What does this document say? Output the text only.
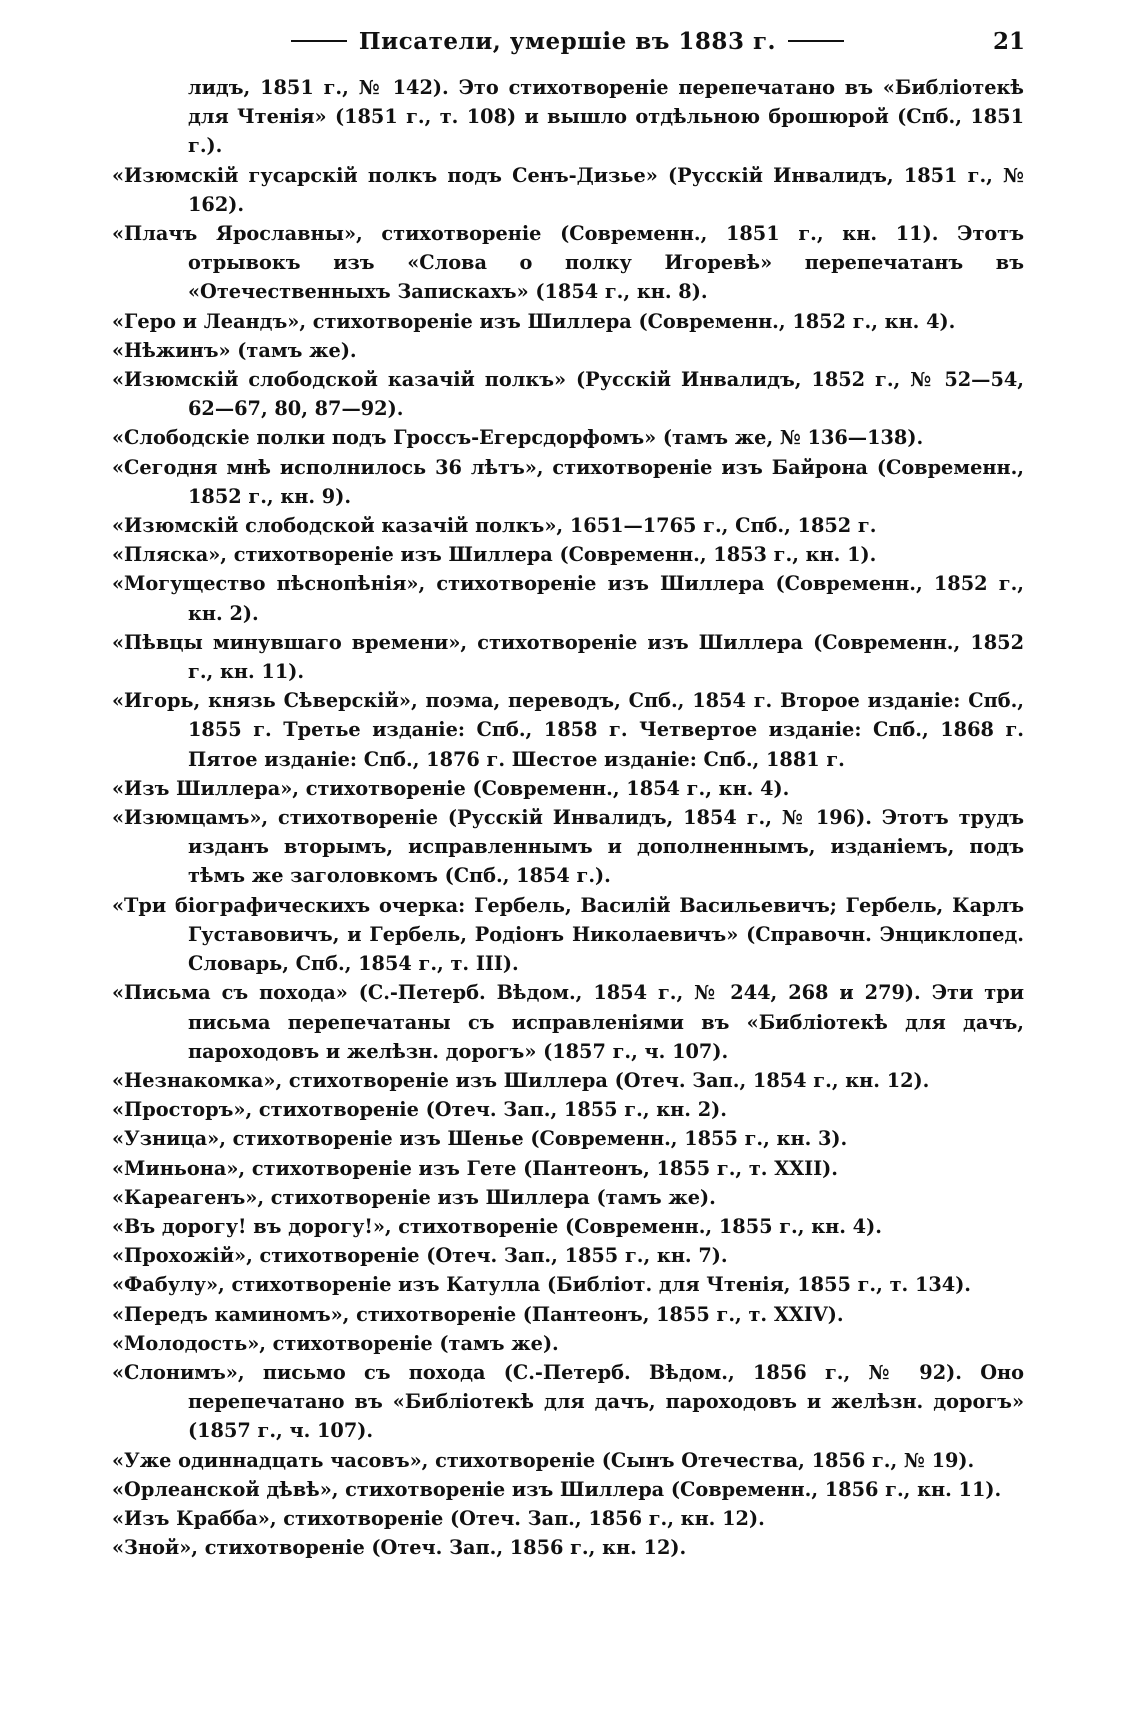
Писатели, умершіе въ 1883 г.	21

лидъ, 1851 г., № 142). Это стихотвореніе перепечатано въ «Библіотекѣ для Чтенія» (1851 г., т. 108) и вышло отдѣльною брошюрой (Спб., 1851 г.).

«Изюмскій гусарскій полкъ подъ Сенъ-Дизье» (Русскій Инвалидъ, 1851 г., № 162).

«Плачъ Ярославны», стихотвореніе (Современн., 1851 г., кн. 11). Этотъ отрывокъ изъ «Слова о полку Игоревѣ» перепечатанъ въ «Отечественныхъ Запискахъ» (1854 г., кн. 8).

«Геро и Леандъ», стихотвореніе изъ Шиллера (Современн., 1852 г., кн. 4).

«Нѣжинъ» (тамъ же).

«Изюмскій слободской казачій полкъ» (Русскій Инвалидъ, 1852 г., № 52—54, 62—67, 80, 87—92).

«Слободскіе полки подъ Гроссъ-Егерсдорфомъ» (тамъ же, № 136—138).

«Сегодня мнѣ исполнилось 36 лѣтъ», стихотвореніе изъ Байрона (Современн., 1852 г., кн. 9).

«Изюмскій слободской казачій полкъ», 1651—1765 г., Спб., 1852 г.

«Пляска», стихотвореніе изъ Шиллера (Современн., 1853 г., кн. 1).

«Могущество пѣснопѣнія», стихотвореніе изъ Шиллера (Современн., 1852 г., кн. 2).

«Пѣвцы минувшаго времени», стихотвореніе изъ Шиллера (Современн., 1852 г., кн. 11).

«Игорь, князь Сѣверскій», поэма, переводъ, Спб., 1854 г. Второе изданіе: Спб., 1855 г. Третье изданіе: Спб., 1858 г. Четвертое изданіе: Спб., 1868 г. Пятое изданіе: Спб., 1876 г. Шестое изданіе: Спб., 1881 г.

«Изъ Шиллера», стихотвореніе (Современн., 1854 г., кн. 4).

«Изюмцамъ», стихотвореніе (Русскій Инвалидъ, 1854 г., № 196). Этотъ трудъ изданъ вторымъ, исправленнымъ и дополненнымъ, изданіемъ, подъ тѣмъ же заголовкомъ (Спб., 1854 г.).

«Три біографическихъ очерка: Гербель, Василій Васильевичъ; Гербель, Карлъ Густавовичъ, и Гербель, Родіонъ Николаевичъ» (Справочн. Энциклопед. Словарь, Спб., 1854 г., т. III).

«Письма съ похода» (С.-Петерб. Вѣдом., 1854 г., № 244, 268 и 279). Эти три письма перепечатаны съ исправленіями въ «Библіотекѣ для дачъ, пароходовъ и желѣзн. дорогъ» (1857 г., ч. 107).

«Незнакомка», стихотвореніе изъ Шиллера (Отеч. Зап., 1854 г., кн. 12).

«Просторъ», стихотвореніе (Отеч. Зап., 1855 г., кн. 2).

«Узница», стихотвореніе изъ Шенье (Современн., 1855 г., кн. 3).

«Миньона», стихотвореніе изъ Гете (Пантеонъ, 1855 г., т. XXII).

«Кареагенъ», стихотвореніе изъ Шиллера (тамъ же).

«Въ дорогу! въ дорогу!», стихотвореніе (Современн., 1855 г., кн. 4).

«Прохожій», стихотвореніе (Отеч. Зап., 1855 г., кн. 7).

«Фабулу», стихотвореніе изъ Катулла (Библіот. для Чтенія, 1855 г., т. 134).

«Передъ каминомъ», стихотвореніе (Пантеонъ, 1855 г., т. XXIV).

«Молодость», стихотвореніе (тамъ же).

«Слонимъ», письмо съ похода (С.-Петерб. Вѣдом., 1856 г., № 92). Оно перепечатано въ «Библіотекѣ для дачъ, пароходовъ и желѣзн. дорогъ» (1857 г., ч. 107).

«Уже одиннадцать часовъ», стихотвореніе (Сынъ Отечества, 1856 г., № 19).

«Орлеанской дѣвѣ», стихотвореніе изъ Шиллера (Современн., 1856 г., кн. 11).

«Изъ Крабба», стихотвореніе (Отеч. Зап., 1856 г., кн. 12).

«Зной», стихотвореніе (Отеч. Зап., 1856 г., кн. 12).
